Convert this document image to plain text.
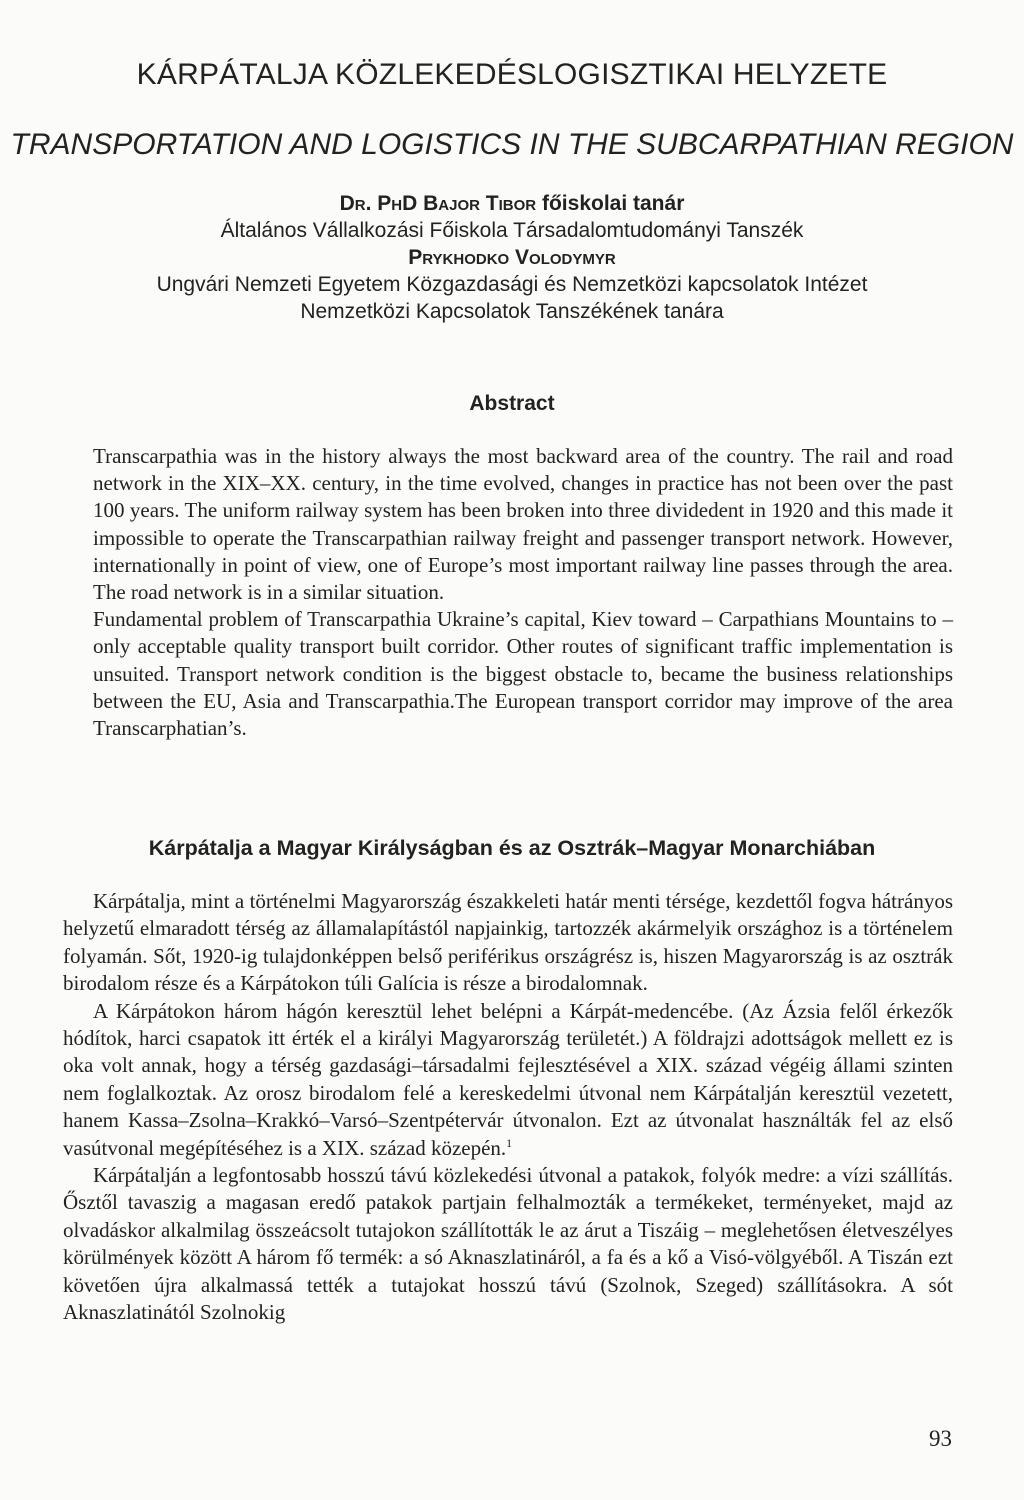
KÁRPÁTALJA KÖZLEKEDÉSLOGISZTIKAI HELYZETE
TRANSPORTATION AND LOGISTICS IN THE SUBCARPATHIAN REGION
Dr. PhD Bajor Tibor főiskolai tanár
Általános Vállalkozási Főiskola Társadalomtudományi Tanszék
Prykhodko Volodymyr
Ungvári Nemzeti Egyetem Közgazdasági és Nemzetközi kapcsolatok Intézet
Nemzetközi Kapcsolatok Tanszékének tanára
Abstract

Transcarpathia was in the history always the most backward area of the country. The rail and road network in the XIX–XX. century, in the time evolved, changes in practice has not been over the past 100 years. The uniform railway system has been broken into three dividedent in 1920 and this made it impossible to operate the Transcarpathian railway freight and passenger transport network. However, internationally in point of view, one of Europe’s most important railway line passes through the area. The road network is in a similar situation.

Fundamental problem of Transcarpathia Ukraine’s capital, Kiev toward – Carpathians Mountains to – only acceptable quality transport built corridor. Other routes of significant traffic implementation is unsuited. Transport network condition is the biggest obstacle to, became the business relationships between the EU, Asia and Transcarpathia.The European transport corridor may improve of the area Transcarphatian’s.

Kárpátalja a Magyar Királyságban és az Osztrák–Magyar Monarchiában

Kárpátalja, mint a történelmi Magyarország északkeleti határ menti térsége, kezdettől fogva hátrányos helyzetű elmaradott térség az államalapítástól napjainkig, tartozzék akármelyik országhoz is a történelem folyamán. Sőt, 1920-ig tulajdonképpen belső periférikus országrész is, hiszen Magyarország is az osztrák birodalom része és a Kárpátokon túli Galícia is része a birodalomnak.

A Kárpátokon három hágón keresztül lehet belépni a Kárpát-medencébe. (Az Ázsia felől érkezők hódítok, harci csapatok itt érték el a királyi Magyarország területét.) A földrajzi adottságok mellett ez is oka volt annak, hogy a térség gazdasági–társadalmi fejlesztésével a XIX. század végéig állami szinten nem foglalkoztak. Az orosz birodalom felé a kereskedelmi útvonal nem Kárpátalján keresztül vezetett, hanem Kassa–Zsolna–Krakkó–Varsó–Szentpétervár útvonalon. Ezt az útvonalat használták fel az első vasútvonal megépítéséhez is a XIX. század közepén.$^1$

Kárpátalján a legfontosabb hosszú távú közlekedési útvonal a patakok, folyók medre: a vízi szállítás. Ősztől tavaszig a magasan eredő patakok partjain felhalmozták a termékeket, terményeket, majd az olvadáskor alkalmilag összeácsolt tutajokon szállították le az árut a Tiszáig – meglehetősen életveszélyes körülmények között A három fő termék: a só Aknaszlatináról, a fa és a kő a Visó-völgyéből. A Tiszán ezt követően újra alkalmassá tették a tutajokat hosszú távú (Szolnok, Szeged) szállításokra. A sót Aknaszlatinától Szolnokig

93
